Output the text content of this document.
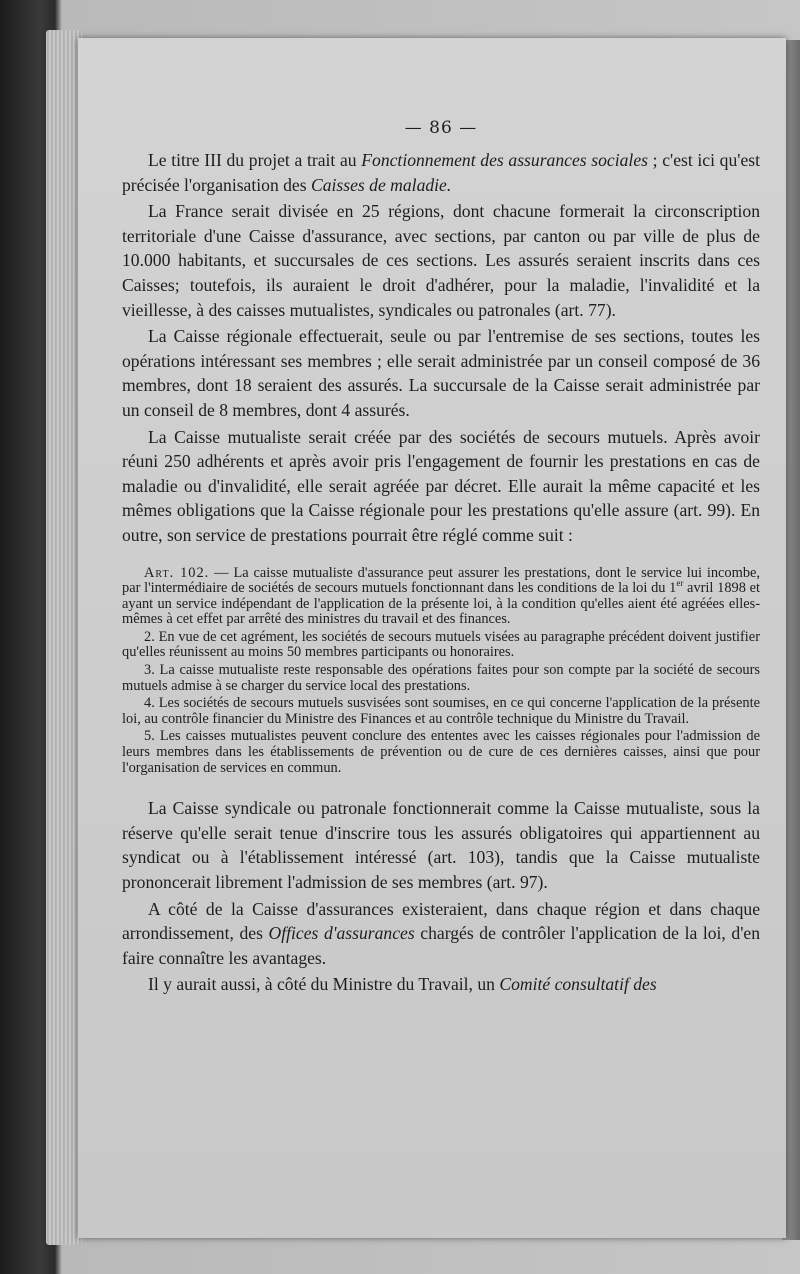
— 86 —

Le titre III du projet a trait au Fonctionnement des assurances sociales ; c'est ici qu'est précisée l'organisation des Caisses de maladie.

La France serait divisée en 25 régions, dont chacune formerait la circonscription territoriale d'une Caisse d'assurance, avec sections, par canton ou par ville de plus de 10.000 habitants, et succursales de ces sections. Les assurés seraient inscrits dans ces Caisses; toutefois, ils auraient le droit d'adhérer, pour la maladie, l'invalidité et la vieillesse, à des caisses mutualistes, syndicales ou patronales (art. 77).

La Caisse régionale effectuerait, seule ou par l'entremise de ses sections, toutes les opérations intéressant ses membres ; elle serait administrée par un conseil composé de 36 membres, dont 18 seraient des assurés. La succursale de la Caisse serait administrée par un conseil de 8 membres, dont 4 assurés.

La Caisse mutualiste serait créée par des sociétés de secours mutuels. Après avoir réuni 250 adhérents et après avoir pris l'engagement de fournir les prestations en cas de maladie ou d'invalidité, elle serait agréée par décret. Elle aurait la même capacité et les mêmes obligations que la Caisse régionale pour les prestations qu'elle assure (art. 99). En outre, son service de prestations pourrait être réglé comme suit :

Art. 102. — La caisse mutualiste d'assurance peut assurer les prestations, dont le service lui incombe, par l'intermédiaire de sociétés de secours mutuels fonctionnant dans les conditions de la loi du 1er avril 1898 et ayant un service indépendant de l'application de la présente loi, à la condition qu'elles aient été agréées elles-mêmes à cet effet par arrêté des ministres du travail et des finances.

2. En vue de cet agrément, les sociétés de secours mutuels visées au paragraphe précédent doivent justifier qu'elles réunissent au moins 50 membres participants ou honoraires.

3. La caisse mutualiste reste responsable des opérations faites pour son compte par la société de secours mutuels admise à se charger du service local des prestations.

4. Les sociétés de secours mutuels susvisées sont soumises, en ce qui concerne l'application de la présente loi, au contrôle financier du Ministre des Finances et au contrôle technique du Ministre du Travail.

5. Les caisses mutualistes peuvent conclure des ententes avec les caisses régionales pour l'admission de leurs membres dans les établissements de prévention ou de cure de ces dernières caisses, ainsi que pour l'organisation de services en commun.

La Caisse syndicale ou patronale fonctionnerait comme la Caisse mutualiste, sous la réserve qu'elle serait tenue d'inscrire tous les assurés obligatoires qui appartiennent au syndicat ou à l'établissement intéressé (art. 103), tandis que la Caisse mutualiste prononcerait librement l'admission de ses membres (art. 97).

A côté de la Caisse d'assurances existeraient, dans chaque région et dans chaque arrondissement, des Offices d'assurances chargés de contrôler l'application de la loi, d'en faire connaître les avantages.

Il y aurait aussi, à côté du Ministre du Travail, un Comité consultatif des
